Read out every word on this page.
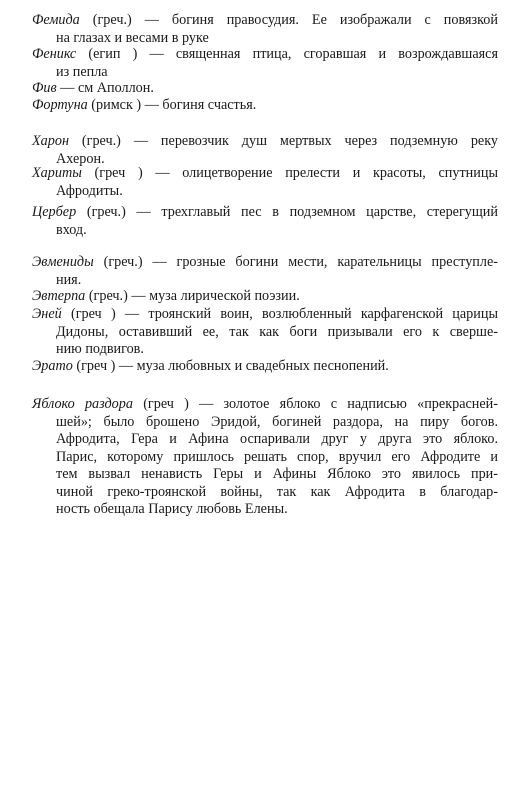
Фемида (греч.) — богиня правосудия. Ее изображали с повязкой
на глазах и весами в руке
Феникс (егип ) — священная птица, сгоравшая и возрождавшаяся
из пепла
Фив — см Аполлон.
Фортуна (римск ) — богиня счастья.
Харон (греч.) — перевозчик душ мертвых через подземную реку
Ахерон.
Хариты (греч ) — олицетворение прелести и красоты, спутницы
Афродиты.
Цербер (греч.) — трехглавый пес в подземном царстве, стерегущий
вход.
Эвмениды (греч.) — грозные богини мести, карательницы преступле-
ния.
Эвтерпа (греч.) — муза лирической поэзии.
Эней (греч ) — троянский воин, возлюбленный карфагенской царицы
Дидоны, оставивший ее, так как боги призывали его к сверше-
нию подвигов.
Эрато (греч ) — муза любовных и свадебных песнопений.
Яблоко раздора (греч ) — золотое яблоко с надписью «прекрасней-
шей»; было брошено Эридой, богиней раздора, на пиру богов.
Афродита, Гера и Афина оспаривали друг у друга это яблоко.
Парис, которому пришлось решать спор, вручил его Афродите и
тем вызвал ненависть Геры и Афины Яблоко это явилось при-
чиной греко-троянской войны, так как Афродита в благодар-
ность обещала Парису любовь Елены.
